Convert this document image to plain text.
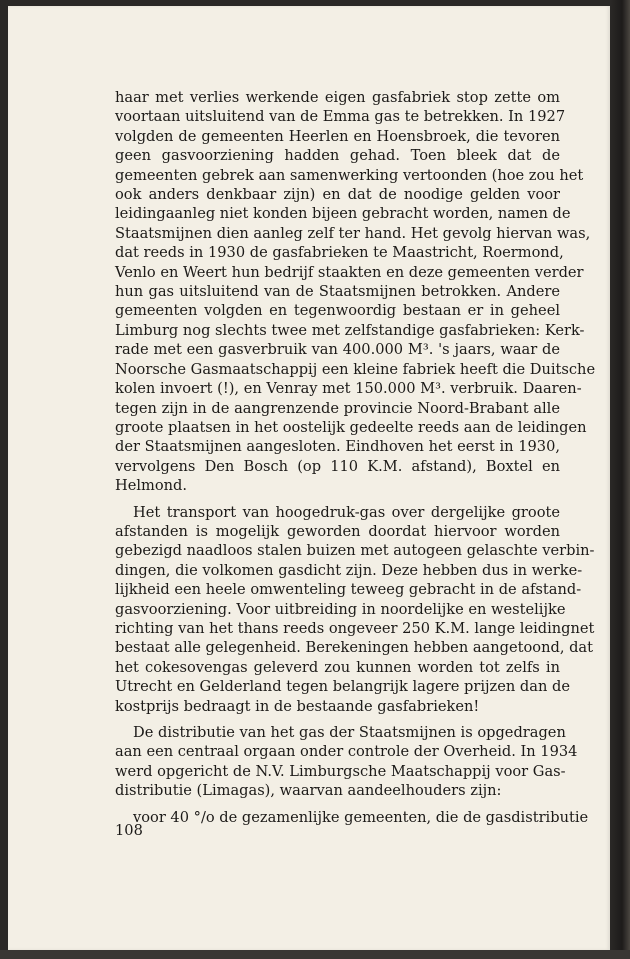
haar met verlies werkende eigen gasfabriek stop zette om
voortaan uitsluitend van de Emma gas te betrekken. In 1927
volgden de gemeenten Heerlen en Hoensbroek, die tevoren
geen gasvoorziening hadden gehad. Toen bleek dat de
gemeenten gebrek aan samenwerking vertoonden (hoe zou het
ook anders denkbaar zijn) en dat de noodige gelden voor
leidingaanleg niet konden bijeen gebracht worden, namen de
Staatsmijnen dien aanleg zelf ter hand. Het gevolg hiervan was,
dat reeds in 1930 de gasfabrieken te Maastricht, Roermond,
Venlo en Weert hun bedrijf staakten en deze gemeenten verder
hun gas uitsluitend van de Staatsmijnen betrokken. Andere
gemeenten volgden en tegenwoordig bestaan er in geheel
Limburg nog slechts twee met zelfstandige gasfabrieken: Kerk-
rade met een gasverbruik van 400.000 M³. 's jaars, waar de
Noorsche Gasmaatschappij een kleine fabriek heeft die Duitsche
kolen invoert (!), en Venray met 150.000 M³. verbruik. Daaren-
tegen zijn in de aangrenzende provincie Noord-Brabant alle
groote plaatsen in het oostelijk gedeelte reeds aan de leidingen
der Staatsmijnen aangesloten. Eindhoven het eerst in 1930,
vervolgens Den Bosch (op 110 K.M. afstand), Boxtel en
Helmond.

Het transport van hoogedruk-gas over dergelijke groote
afstanden is mogelijk geworden doordat hiervoor worden
gebezigd naadloos stalen buizen met autogeen gelaschte verbin-
dingen, die volkomen gasdicht zijn. Deze hebben dus in werke-
lijkheid een heele omwenteling teweeg gebracht in de afstand-
gasvoorziening. Voor uitbreiding in noordelijke en westelijke
richting van het thans reeds ongeveer 250 K.M. lange leidingnet
bestaat alle gelegenheid. Berekeningen hebben aangetoond, dat
het cokesovengas geleverd zou kunnen worden tot zelfs in
Utrecht en Gelderland tegen belangrijk lagere prijzen dan de
kostprijs bedraagt in de bestaande gasfabrieken!

De distributie van het gas der Staatsmijnen is opgedragen
aan een centraal orgaan onder controle der Overheid. In 1934
werd opgericht de N.V. Limburgsche Maatschappij voor Gas-
distributie (Limagas), waarvan aandeelhouders zijn:

voor 40 °/o de gezamenlijke gemeenten, die de gasdistributie

108
